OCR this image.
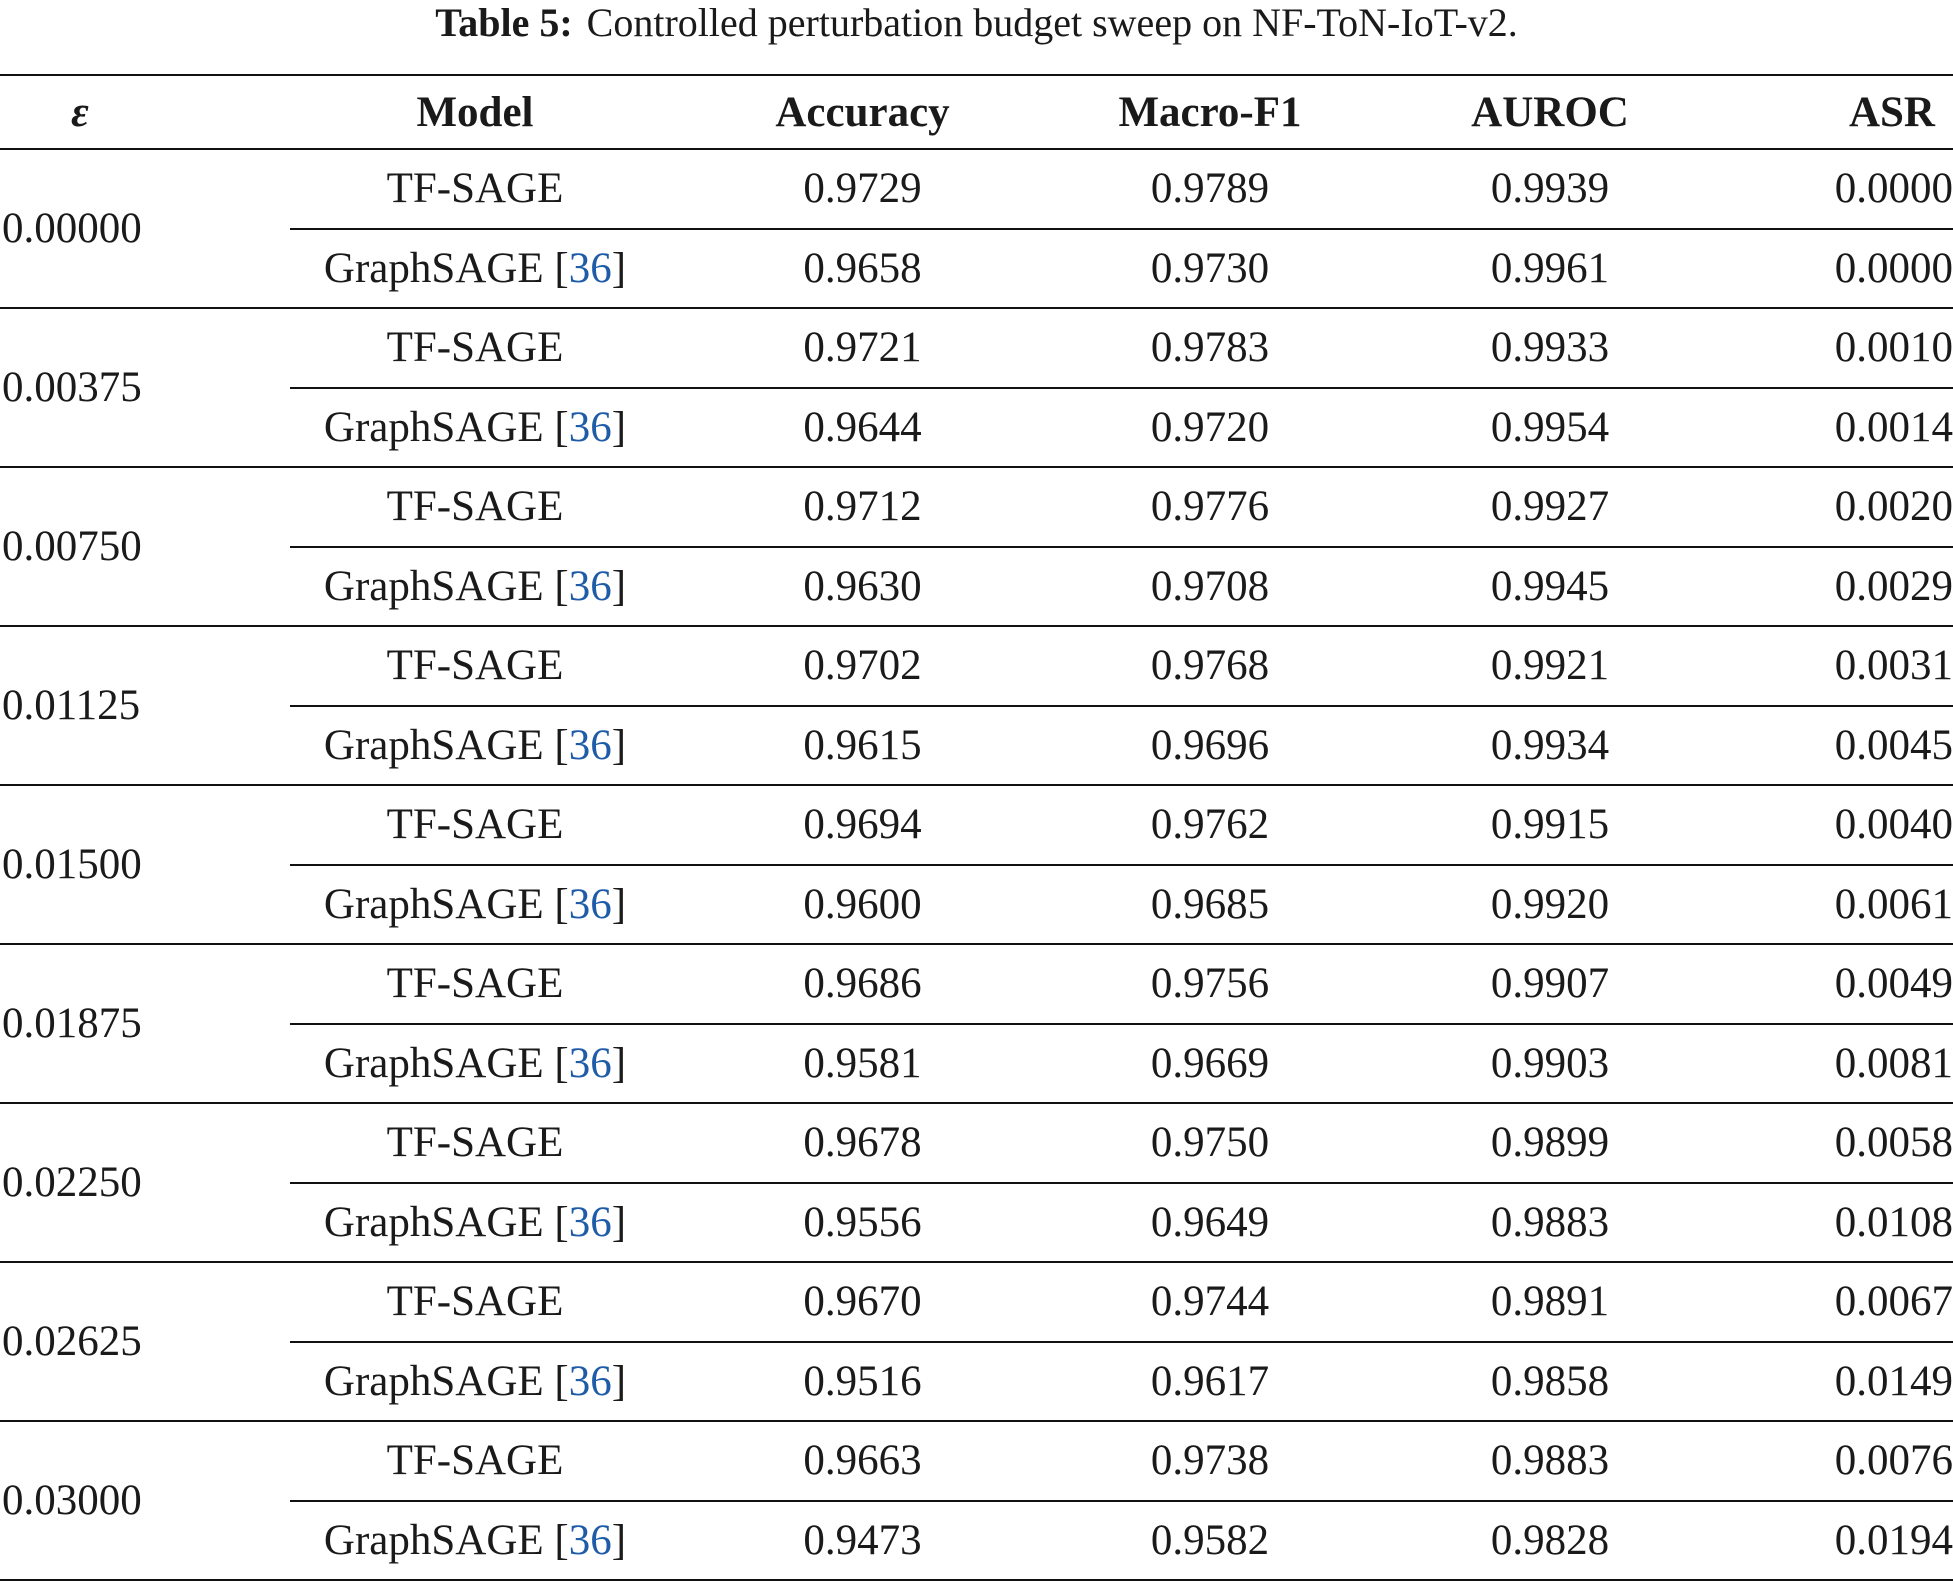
Table 5: Controlled perturbation budget sweep on NF-ToN-IoT-v2.
ε	Model	Accuracy	Macro-F1	AUROC	ASR
0.00000	TF-SAGE	0.9729	0.9789	0.9939	0.0000
	GraphSAGE [36]	0.9658	0.9730	0.9961	0.0000
0.00375	TF-SAGE	0.9721	0.9783	0.9933	0.0010
	GraphSAGE [36]	0.9644	0.9720	0.9954	0.0014
0.00750	TF-SAGE	0.9712	0.9776	0.9927	0.0020
	GraphSAGE [36]	0.9630	0.9708	0.9945	0.0029
0.01125	TF-SAGE	0.9702	0.9768	0.9921	0.0031
	GraphSAGE [36]	0.9615	0.9696	0.9934	0.0045
0.01500	TF-SAGE	0.9694	0.9762	0.9915	0.0040
	GraphSAGE [36]	0.9600	0.9685	0.9920	0.0061
0.01875	TF-SAGE	0.9686	0.9756	0.9907	0.0049
	GraphSAGE [36]	0.9581	0.9669	0.9903	0.0081
0.02250	TF-SAGE	0.9678	0.9750	0.9899	0.0058
	GraphSAGE [36]	0.9556	0.9649	0.9883	0.0108
0.02625	TF-SAGE	0.9670	0.9744	0.9891	0.0067
	GraphSAGE [36]	0.9516	0.9617	0.9858	0.0149
0.03000	TF-SAGE	0.9663	0.9738	0.9883	0.0076
	GraphSAGE [36]	0.9473	0.9582	0.9828	0.0194
